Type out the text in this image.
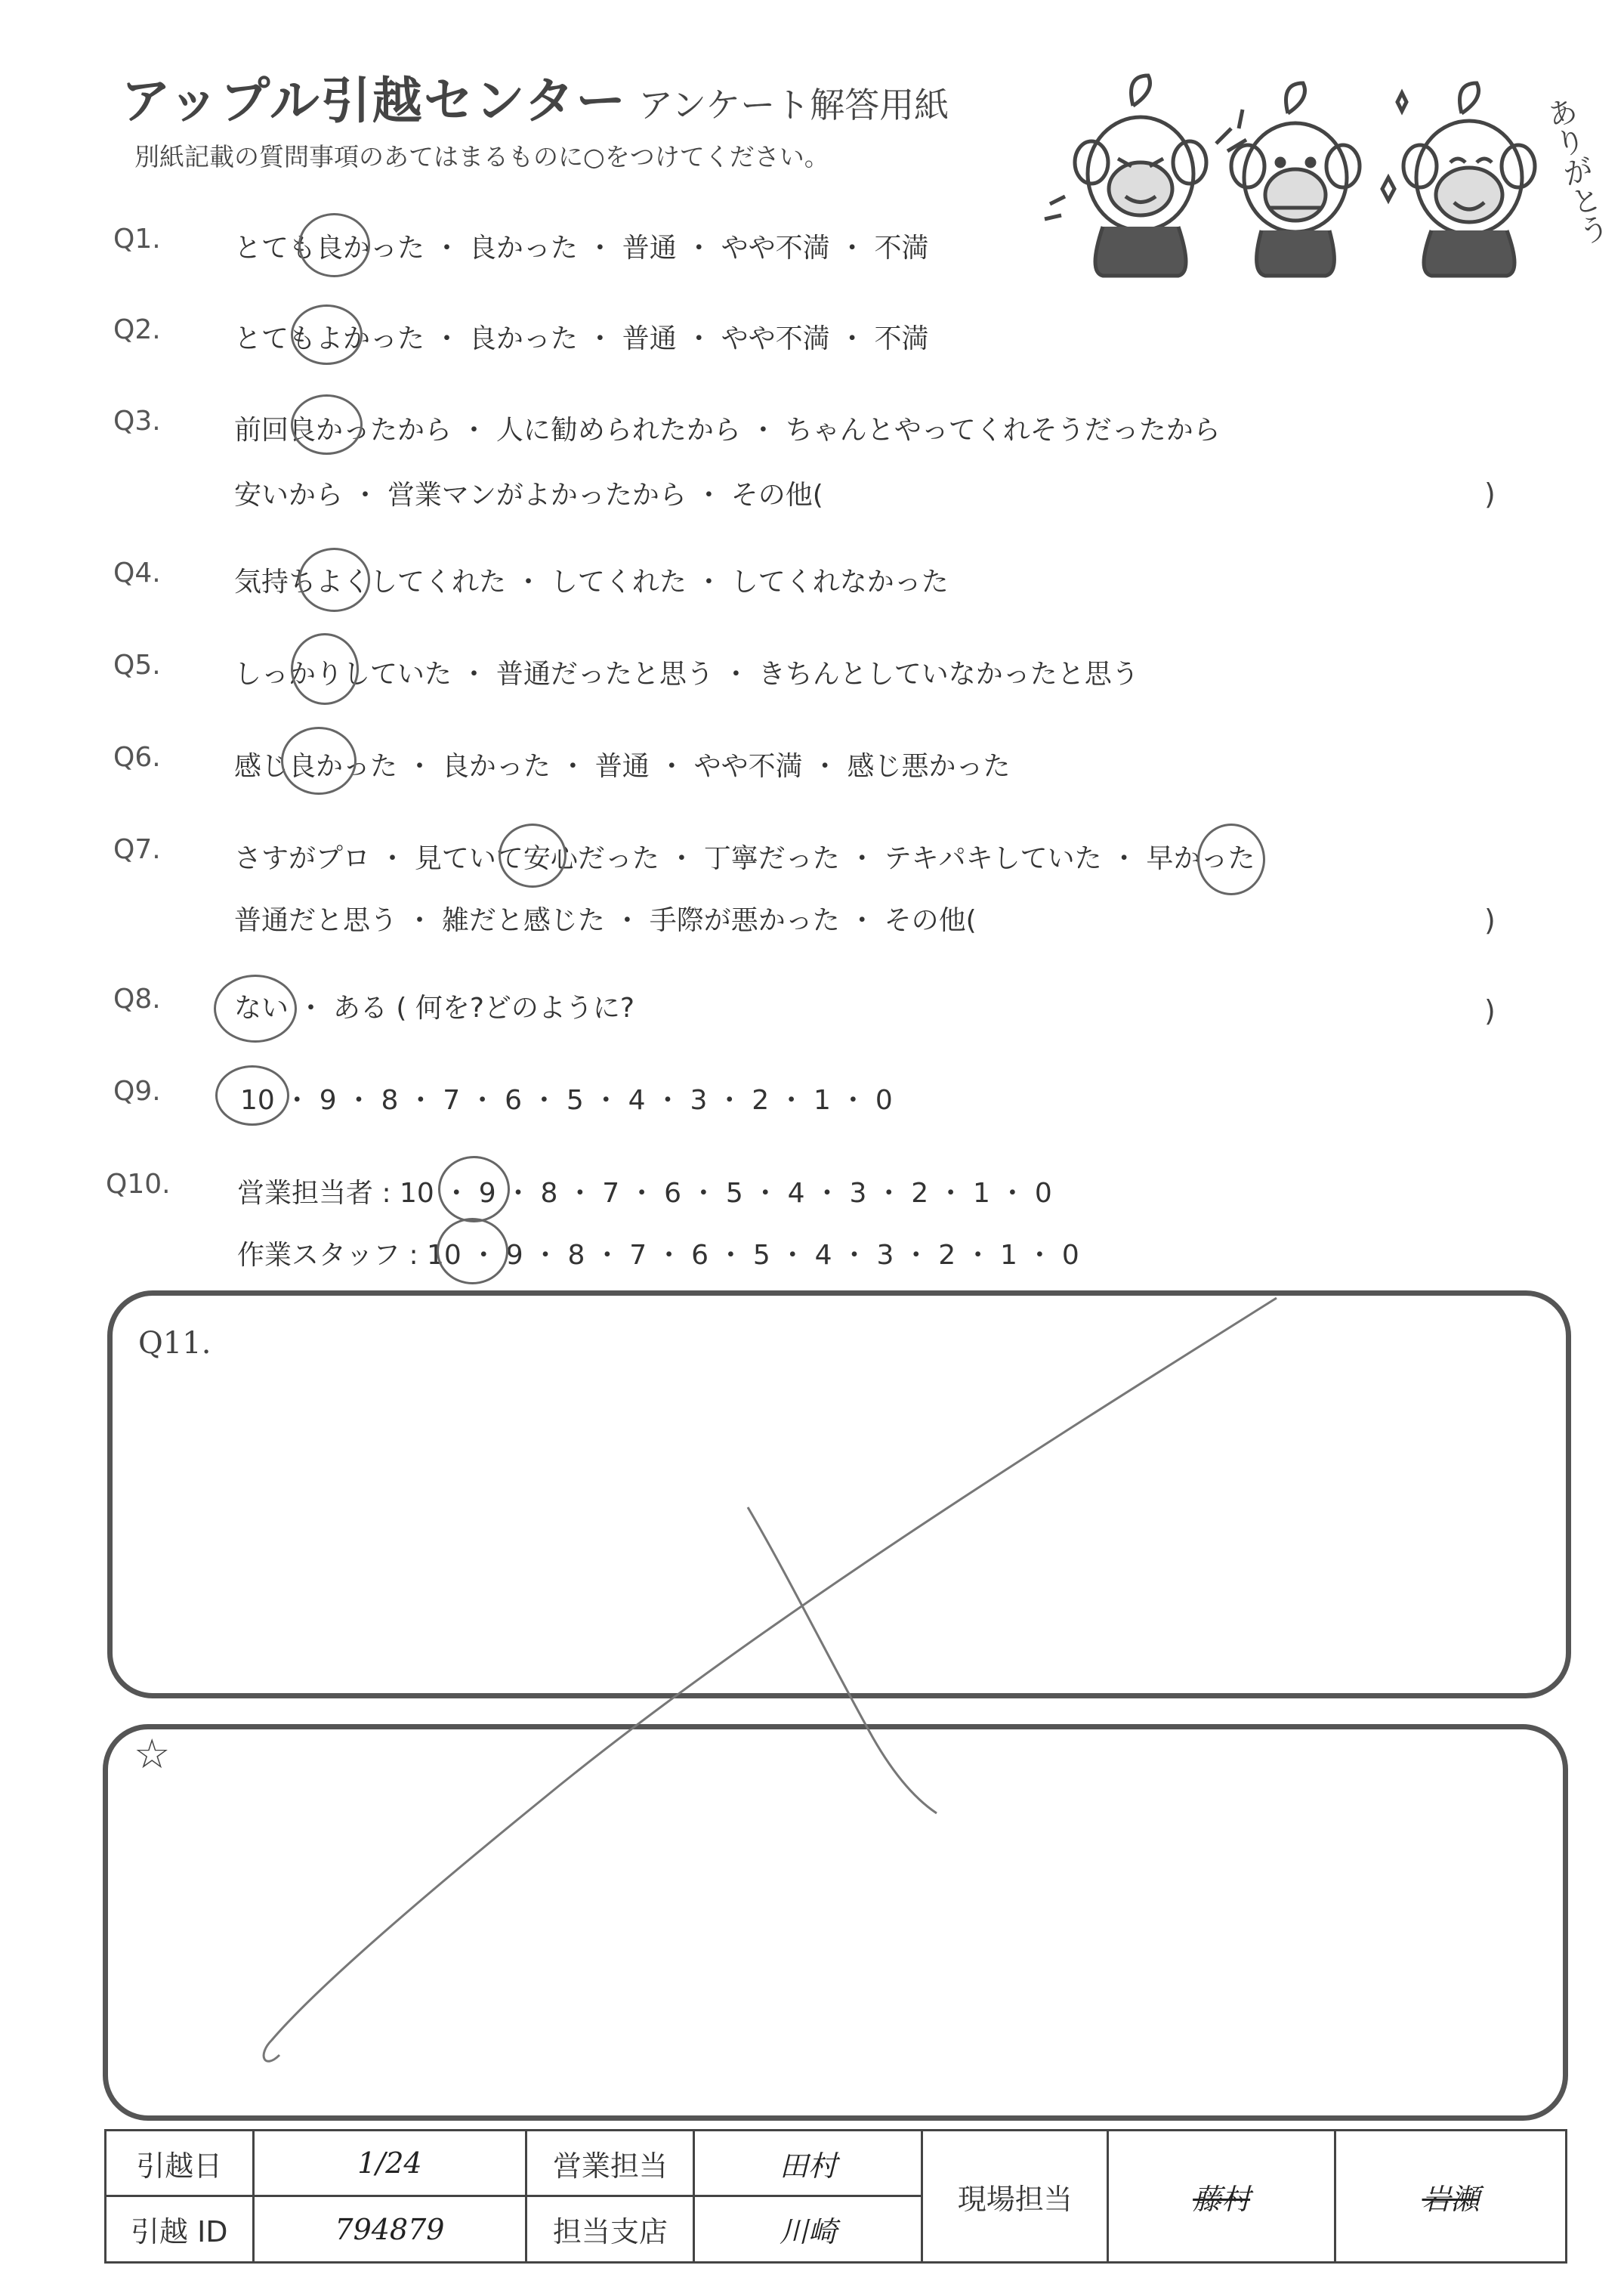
アップル引越センター アンケート解答用紙
別紙記載の質問事項のあてはまるものに○をつけてください。	ありがとう
Q1.	とても良かった ・ 良かった ・ 普通 ・ やや不満 ・ 不満
Q2.	とてもよかった ・ 良かった ・ 普通 ・ やや不満 ・ 不満
Q3.	前回良かったから ・ 人に勧められたから ・ ちゃんとやってくれそうだったから
安いから ・ 営業マンがよかったから ・ その他(	)
Q4.	気持ちよくしてくれた ・ してくれた ・ してくれなかった
Q5.	しっかりしていた ・ 普通だったと思う ・ きちんとしていなかったと思う
Q6.	感じ良かった ・ 良かった ・ 普通 ・ やや不満 ・ 感じ悪かった
Q7.	さすがプロ ・ 見ていて安心だった ・ 丁寧だった ・ テキパキしていた ・ 早かった
普通だと思う ・ 雑だと感じた ・ 手際が悪かった ・ その他(	)
Q8.	ない ・ ある ( 何を?どのように?	)
Q9.	10 ・ 9 ・ 8 ・ 7 ・ 6 ・ 5 ・ 4 ・ 3 ・ 2 ・ 1 ・ 0
Q10. 営業担当者 : 10 ・ 9 ・ 8 ・ 7 ・ 6 ・ 5 ・ 4 ・ 3 ・ 2 ・ 1 ・ 0
作業スタッフ : 10 ・ 9 ・ 8 ・ 7 ・ 6 ・ 5 ・ 4 ・ 3 ・ 2 ・ 1 ・ 0
Q11.
☆
引越日	1/24	営業担当	田村	現場担当	藤村	岩瀬
引越 ID	794879	担当支店	川崎			
